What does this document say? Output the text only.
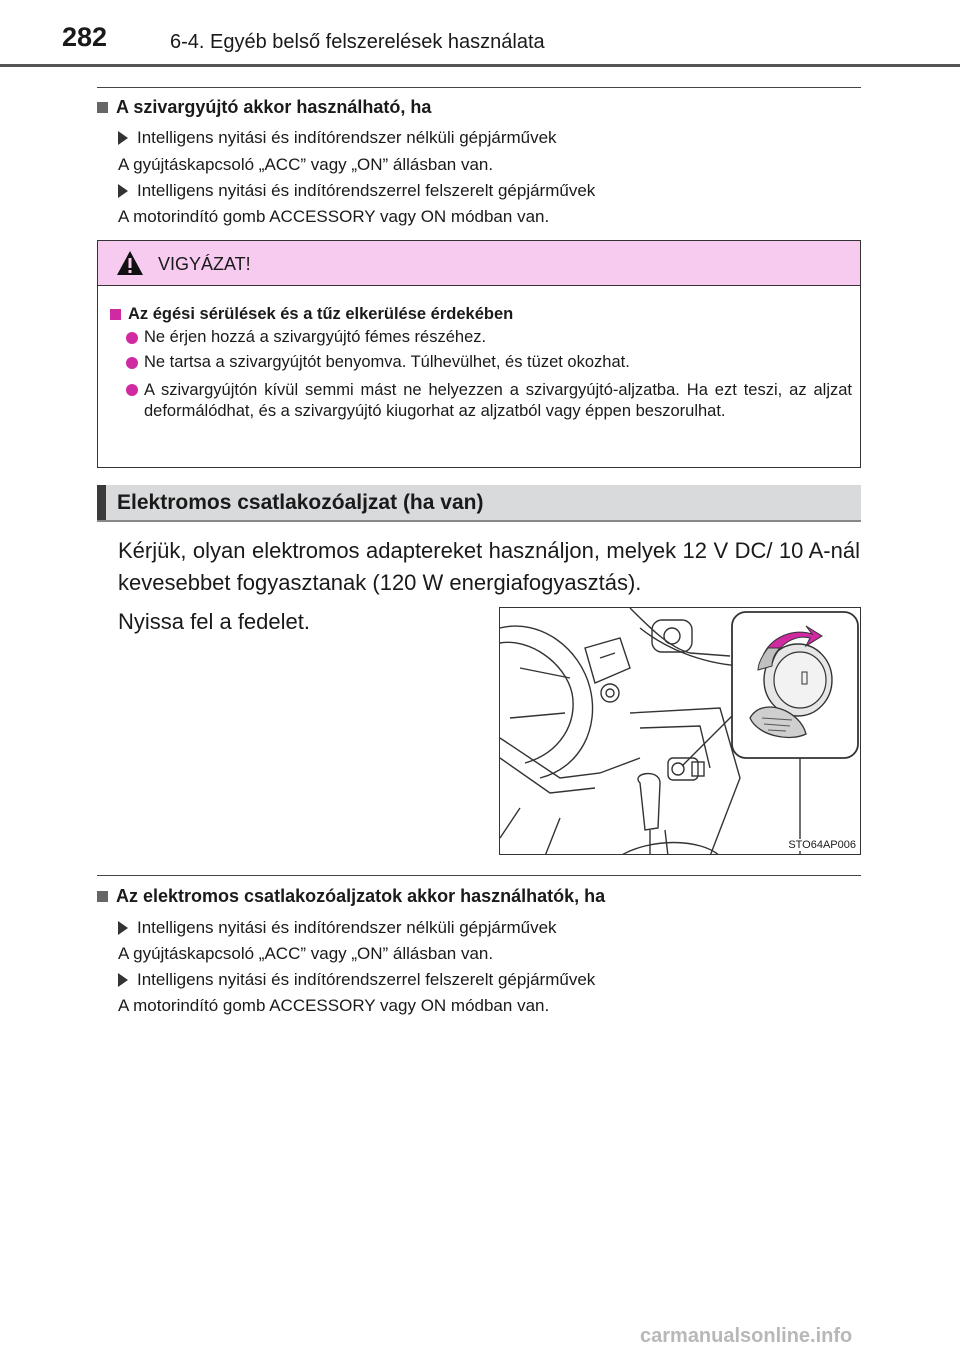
282	6-4. Egyéb belső felszerelések használata
A szivargyújtó akkor használható, ha
Intelligens nyitási és indítórendszer nélküli gépjárművek
A gyújtáskapcsoló „ACC” vagy „ON” állásban van.
Intelligens nyitási és indítórendszerrel felszerelt gépjárművek
A motorindító gomb ACCESSORY vagy ON módban van.
VIGYÁZAT!
Az égési sérülések és a tűz elkerülése érdekében
Ne érjen hozzá a szivargyújtó fémes részéhez.
Ne tartsa a szivargyújtót benyomva. Túlhevülhet, és tüzet okozhat.
A szivargyújtón kívül semmi mást ne helyezzen a szivargyújtó-aljzatba. Ha ezt teszi, az aljzat deformálódhat, és a szivargyújtó kiugorhat az aljzatból vagy éppen beszorulhat.
Elektromos csatlakozóaljzat (ha van)
Kérjük, olyan elektromos adaptereket használjon, melyek 12 V DC/ 10 A-nál kevesebbet fogyasztanak (120 W energiafogyasztás).
Nyissa fel a fedelet.
STO64AP006
Az elektromos csatlakozóaljzatok akkor használhatók, ha
Intelligens nyitási és indítórendszer nélküli gépjárművek
A gyújtáskapcsoló „ACC” vagy „ON” állásban van.
Intelligens nyitási és indítórendszerrel felszerelt gépjárművek
A motorindító gomb ACCESSORY vagy ON módban van.
carmanualsonline.info
